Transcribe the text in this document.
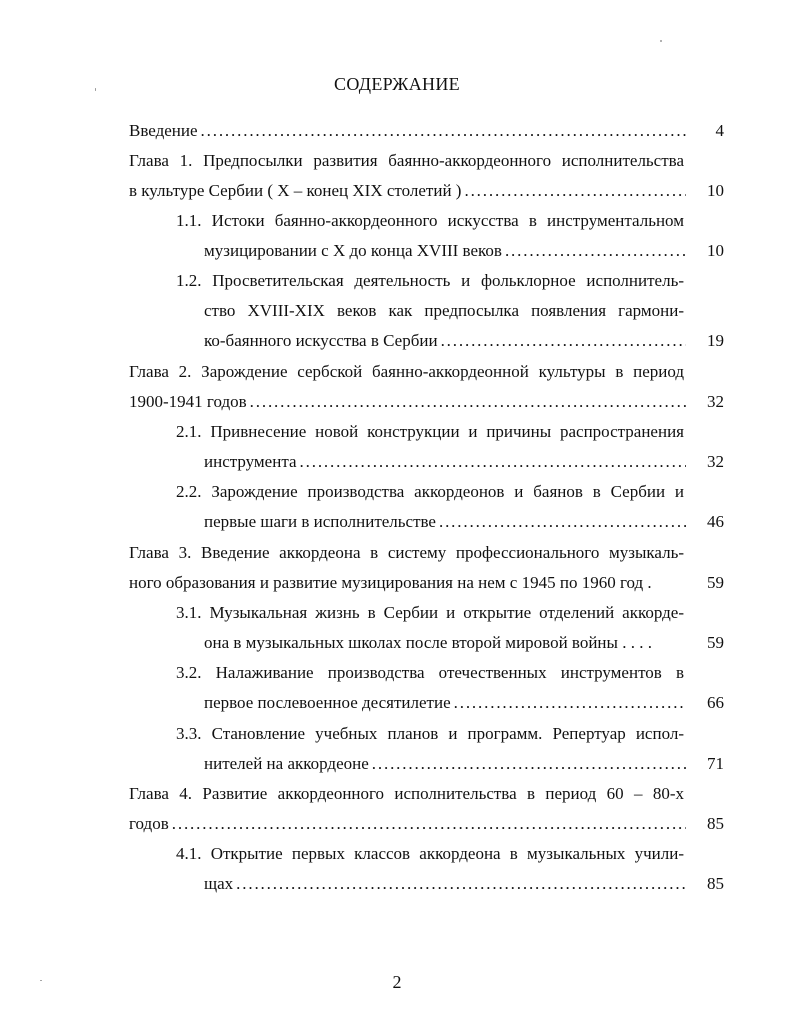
СОДЕРЖАНИЕ
Введение . . .	4
Глава 1. Предпосылки развития баянно-аккордеонного исполнительства
в культуре Сербии ( X – конец XIX столетий ) . . .	10
1.1. Истоки баянно-аккордеонного искусства в инструментальном
музицировании с X до конца XVIII веков . . .	10
1.2. Просветительская деятельность и фольклорное исполнитель-
ство XVIII-XIX веков как предпосылка появления гармони-
ко-баянного искусства в Сербии . . .	19
Глава 2. Зарождение сербской баянно-аккордеонной культуры в период
1900-1941 годов . . .	32
2.1. Привнесение новой конструкции и причины распространения
инструмента . . .	32
2.2. Зарождение производства аккордеонов и баянов в Сербии и
первые шаги в исполнительстве . . .	46
Глава 3. Введение аккордеона в систему профессионального музыкаль-
ного образования и развитие музицирования на нем с 1945 по 1960 год .	59
3.1. Музыкальная жизнь в Сербии и открытие отделений аккорде-
она в музыкальных школах после второй мировой войны . . . .	59
3.2. Налаживание производства отечественных инструментов в
первое послевоенное десятилетие . . .	66
3.3. Становление учебных планов и программ. Репертуар испол-
нителей на аккордеоне . . .	71
Глава 4. Развитие аккордеонного исполнительства в период 60 – 80-х
годов . . .	85
4.1. Открытие первых классов аккордеона в музыкальных учили-
щах . . .	85
2
